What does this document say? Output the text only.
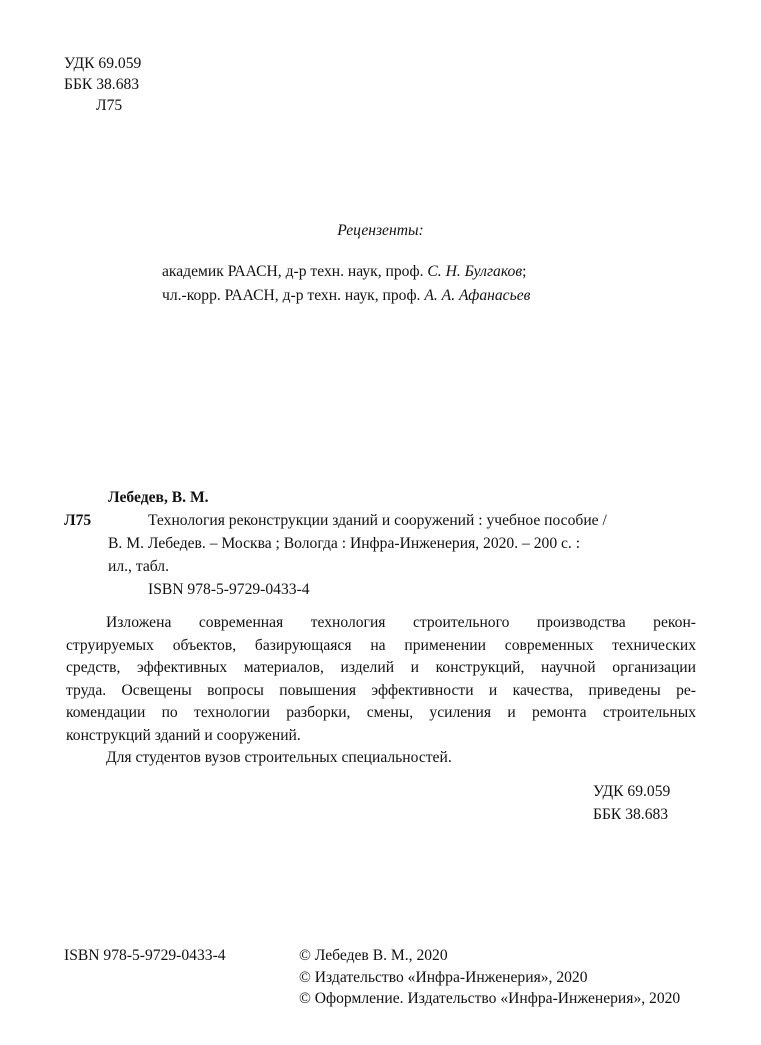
УДК 69.059
ББК 38.683
Л75
Рецензенты:
академик РААСН, д-р техн. наук, проф. С. Н. Булгаков;
чл.-корр. РААСН, д-р техн. наук, проф. А. А. Афанасьев
Лебедев, В. М.
Л75	Технология реконструкции зданий и сооружений : учебное пособие /
В. М. Лебедев. – Москва ; Вологда : Инфра-Инженерия, 2020. – 200 с. :
ил., табл.
ISBN 978-5-9729-0433-4
Изложена современная технология строительного производства рекон-
струируемых объектов, базирующаяся на применении современных технических
средств, эффективных материалов, изделий и конструкций, научной организации
труда. Освещены вопросы повышения эффективности и качества, приведены ре-
комендации по технологии разборки, смены, усиления и ремонта строительных
конструкций зданий и сооружений.
Для студентов вузов строительных специальностей.
УДК 69.059
ББК 38.683
ISBN 978-5-9729-0433-4	© Лебедев В. М., 2020
© Издательство «Инфра-Инженерия», 2020
© Оформление. Издательство «Инфра-Инженерия», 2020
